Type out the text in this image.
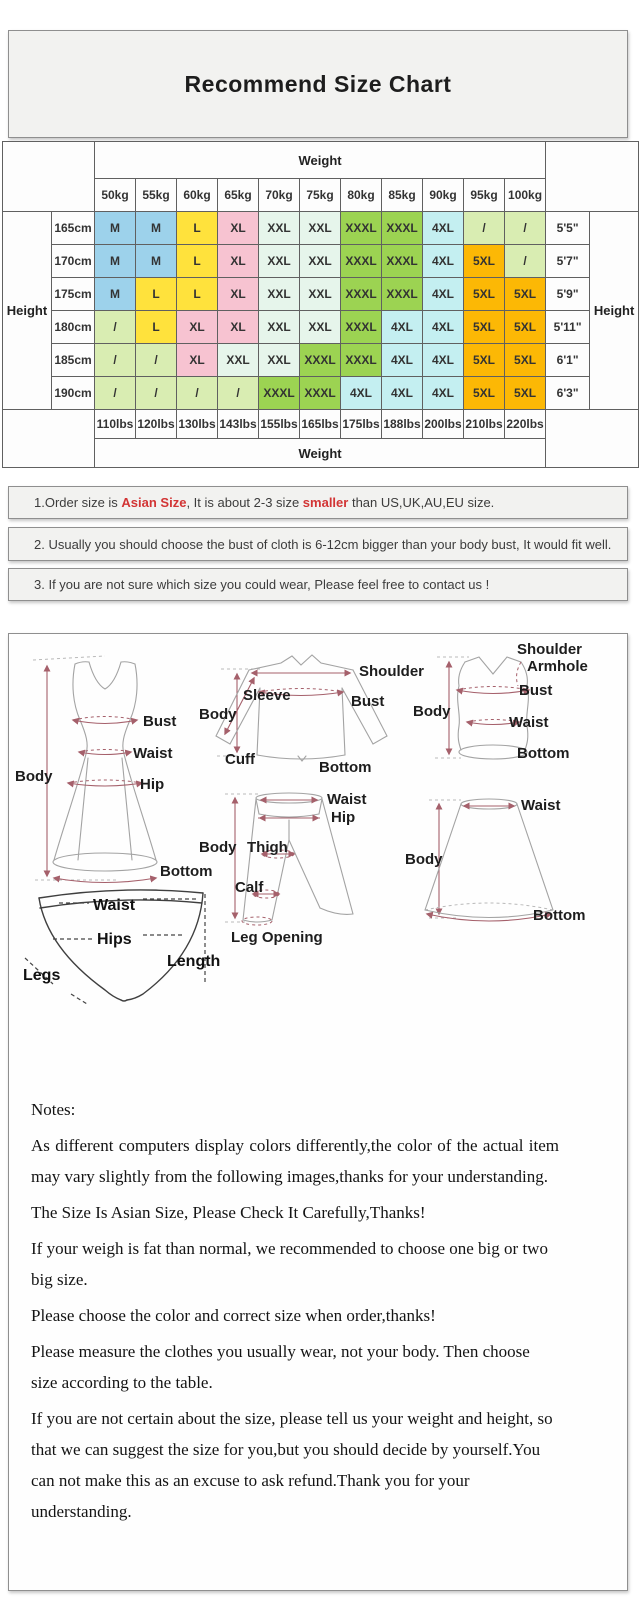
Recommend Size Chart
		Weight												
		50kg	55kg	60kg	65kg	70kg	75kg	80kg	85kg	90kg	95kg	100kg		
Height	165cm	M	M	L	XL	XXL	XXL	XXXL	XXXL	4XL	/	/	5'5"	Height
	170cm	M	M	L	XL	XXL	XXL	XXXL	XXXL	4XL	5XL	/	5'7"	
	175cm	M	L	L	XL	XXL	XXL	XXXL	XXXL	4XL	5XL	5XL	5'9"	
	180cm	/	L	XL	XL	XXL	XXL	XXXL	4XL	4XL	5XL	5XL	5'11"	
	185cm	/	/	XL	XXL	XXL	XXXL	XXXL	4XL	4XL	5XL	5XL	6'1"	
	190cm	/	/	/	/	XXXL	XXXL	4XL	4XL	4XL	5XL	5XL	6'3"	
		110lbs	120lbs	130lbs	143lbs	155lbs	165lbs	175lbs	188lbs	200lbs	210lbs	220lbs		
		Weight												
1.Order size is Asian Size, It is about 2-3 size smaller than US,UK,AU,EU size.
2. Usually you should choose the bust of cloth is 6-12cm bigger than your body bust, It would fit well.
3. If you are not sure which size you could wear, Please feel free to contact us !
Bust
Waist
Hip
Body
Bottom
Shoulder
Sleeve
Body
Bust
Cuff	Bottom
Shoulder
Armhole
Body
Bust
Waist
Bottom
Waist
Hip
Body Thigh
Calf
Leg Opening
Waist
Body
Bottom
Waist
Hips
Legs
Length

Notes:

As different computers display colors differently,the color of the actual item may vary slightly from the following images,thanks for your understanding.

The Size Is Asian Size, Please Check It Carefully,Thanks!

If your weigh is fat than normal, we recommended to choose one big or two big size.

Please choose the color and correct size when order,thanks!

Please measure the clothes you usually wear, not your body. Then choose size according to the table.

If you are not certain about the size, please tell us your weight and height, so that we can suggest the size for you,but you should decide by yourself.You can not make this as an excuse to ask refund.Thank you for your understanding.
